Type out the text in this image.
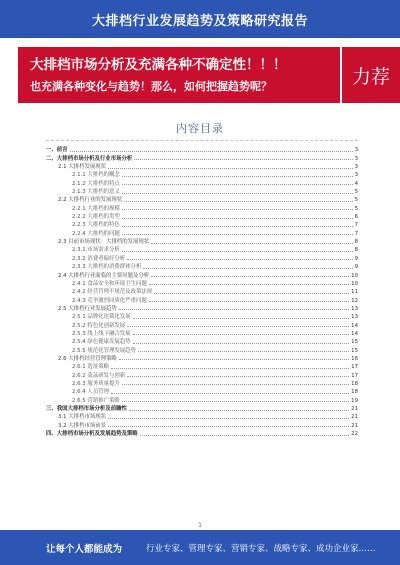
大排档行业发展趋势及策略研究报告
大排档市场分析及充满各种不确定性！！！
也充满各种变化与趋势！那么，如何把握趋势呢？	力荐
内容目录
一、前言	3
二、大排档市场分析及行业市场分析	3
2.1 大排档发展现状	3
2.1.1 大排档的概念	3
2.1.2 大排档的特点	4
2.1.3 大排档的意义	5
2.2 大排档行业的发展现状	5
2.2.1 大排档的规模	5
2.2.2 大排档的类型	6
2.2.3 大排档的特色	7
2.2.4 大排档的问题	7
2.3 目前市场现状：大排档的发展现状	8
2.3.1 市场需求分析	8
2.3.2 消费者偏好分析	9
2.3.3 大排档的消费群体分析	9
2.4 大排档行业面临的主要问题及分析	10
2.4.1 食品安全和环境卫生问题	10
2.4.2 经营管理不规范及政策法规	11
2.4.3 竞争激烈同质化严重问题	12
2.5 大排档行业发展趋势	13
2.5.1 品牌化连锁化发展	13
2.5.2 特色化创新发展	14
2.5.3 线上线下融合发展	14
2.5.4 绿色健康发展趋势	15
2.5.5 规范化管理发展趋势	15
2.6 大排档经营管理策略	16
2.6.1 选址策略	17
2.6.2 菜品研发与创新	17
2.6.3 服务质量提升	18
2.6.4 人员管理	18
2.6.5 营销推广策略	19
三、我国大排档市场分析及前瞻性	21
3.1 大排档市场现状	21
3.2 大排档市场前景	21
四、大排档市场分析及发展趋势及策略	22
1
让每个人都能成为	行业专家、管理专家、营销专家、战略专家、成功企业家……
